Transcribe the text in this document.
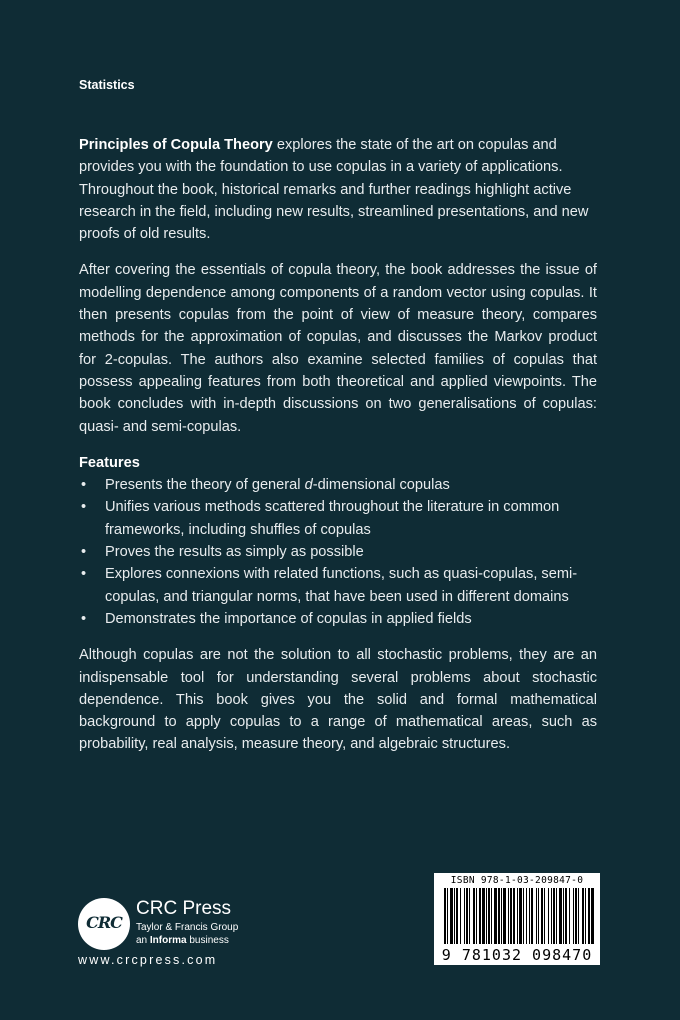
Statistics

Principles of Copula Theory explores the state of the art on copulas and provides you with the foundation to use copulas in a variety of applications. Throughout the book, historical remarks and further readings highlight active research in the field, including new results, streamlined presentations, and new proofs of old results.

After covering the essentials of copula theory, the book addresses the issue of modelling dependence among components of a random vector using copulas. It then presents copulas from the point of view of measure theory, compares methods for the approximation of copulas, and discusses the Markov product for 2-copulas. The authors also examine selected families of copulas that possess appealing features from both theoretical and applied viewpoints. The book concludes with in-depth discussions on two generalisations of copulas: quasi- and semi-copulas.

Features
• Presents the theory of general d-dimensional copulas
• Unifies various methods scattered throughout the literature in common frameworks, including shuffles of copulas
• Proves the results as simply as possible
• Explores connexions with related functions, such as quasi-copulas, semi-copulas, and triangular norms, that have been used in different domains
• Demonstrates the importance of copulas in applied fields

Although copulas are not the solution to all stochastic problems, they are an indispensable tool for understanding several problems about stochastic dependence. This book gives you the solid and formal mathematical background to apply copulas to a range of mathematical areas, such as probability, real analysis, measure theory, and algebraic structures.

CRC
CRC Press
Taylor & Francis Group
an Informa business
www.crcpress.com
ISBN 978-1-03-209847-0
9 781032 098470
